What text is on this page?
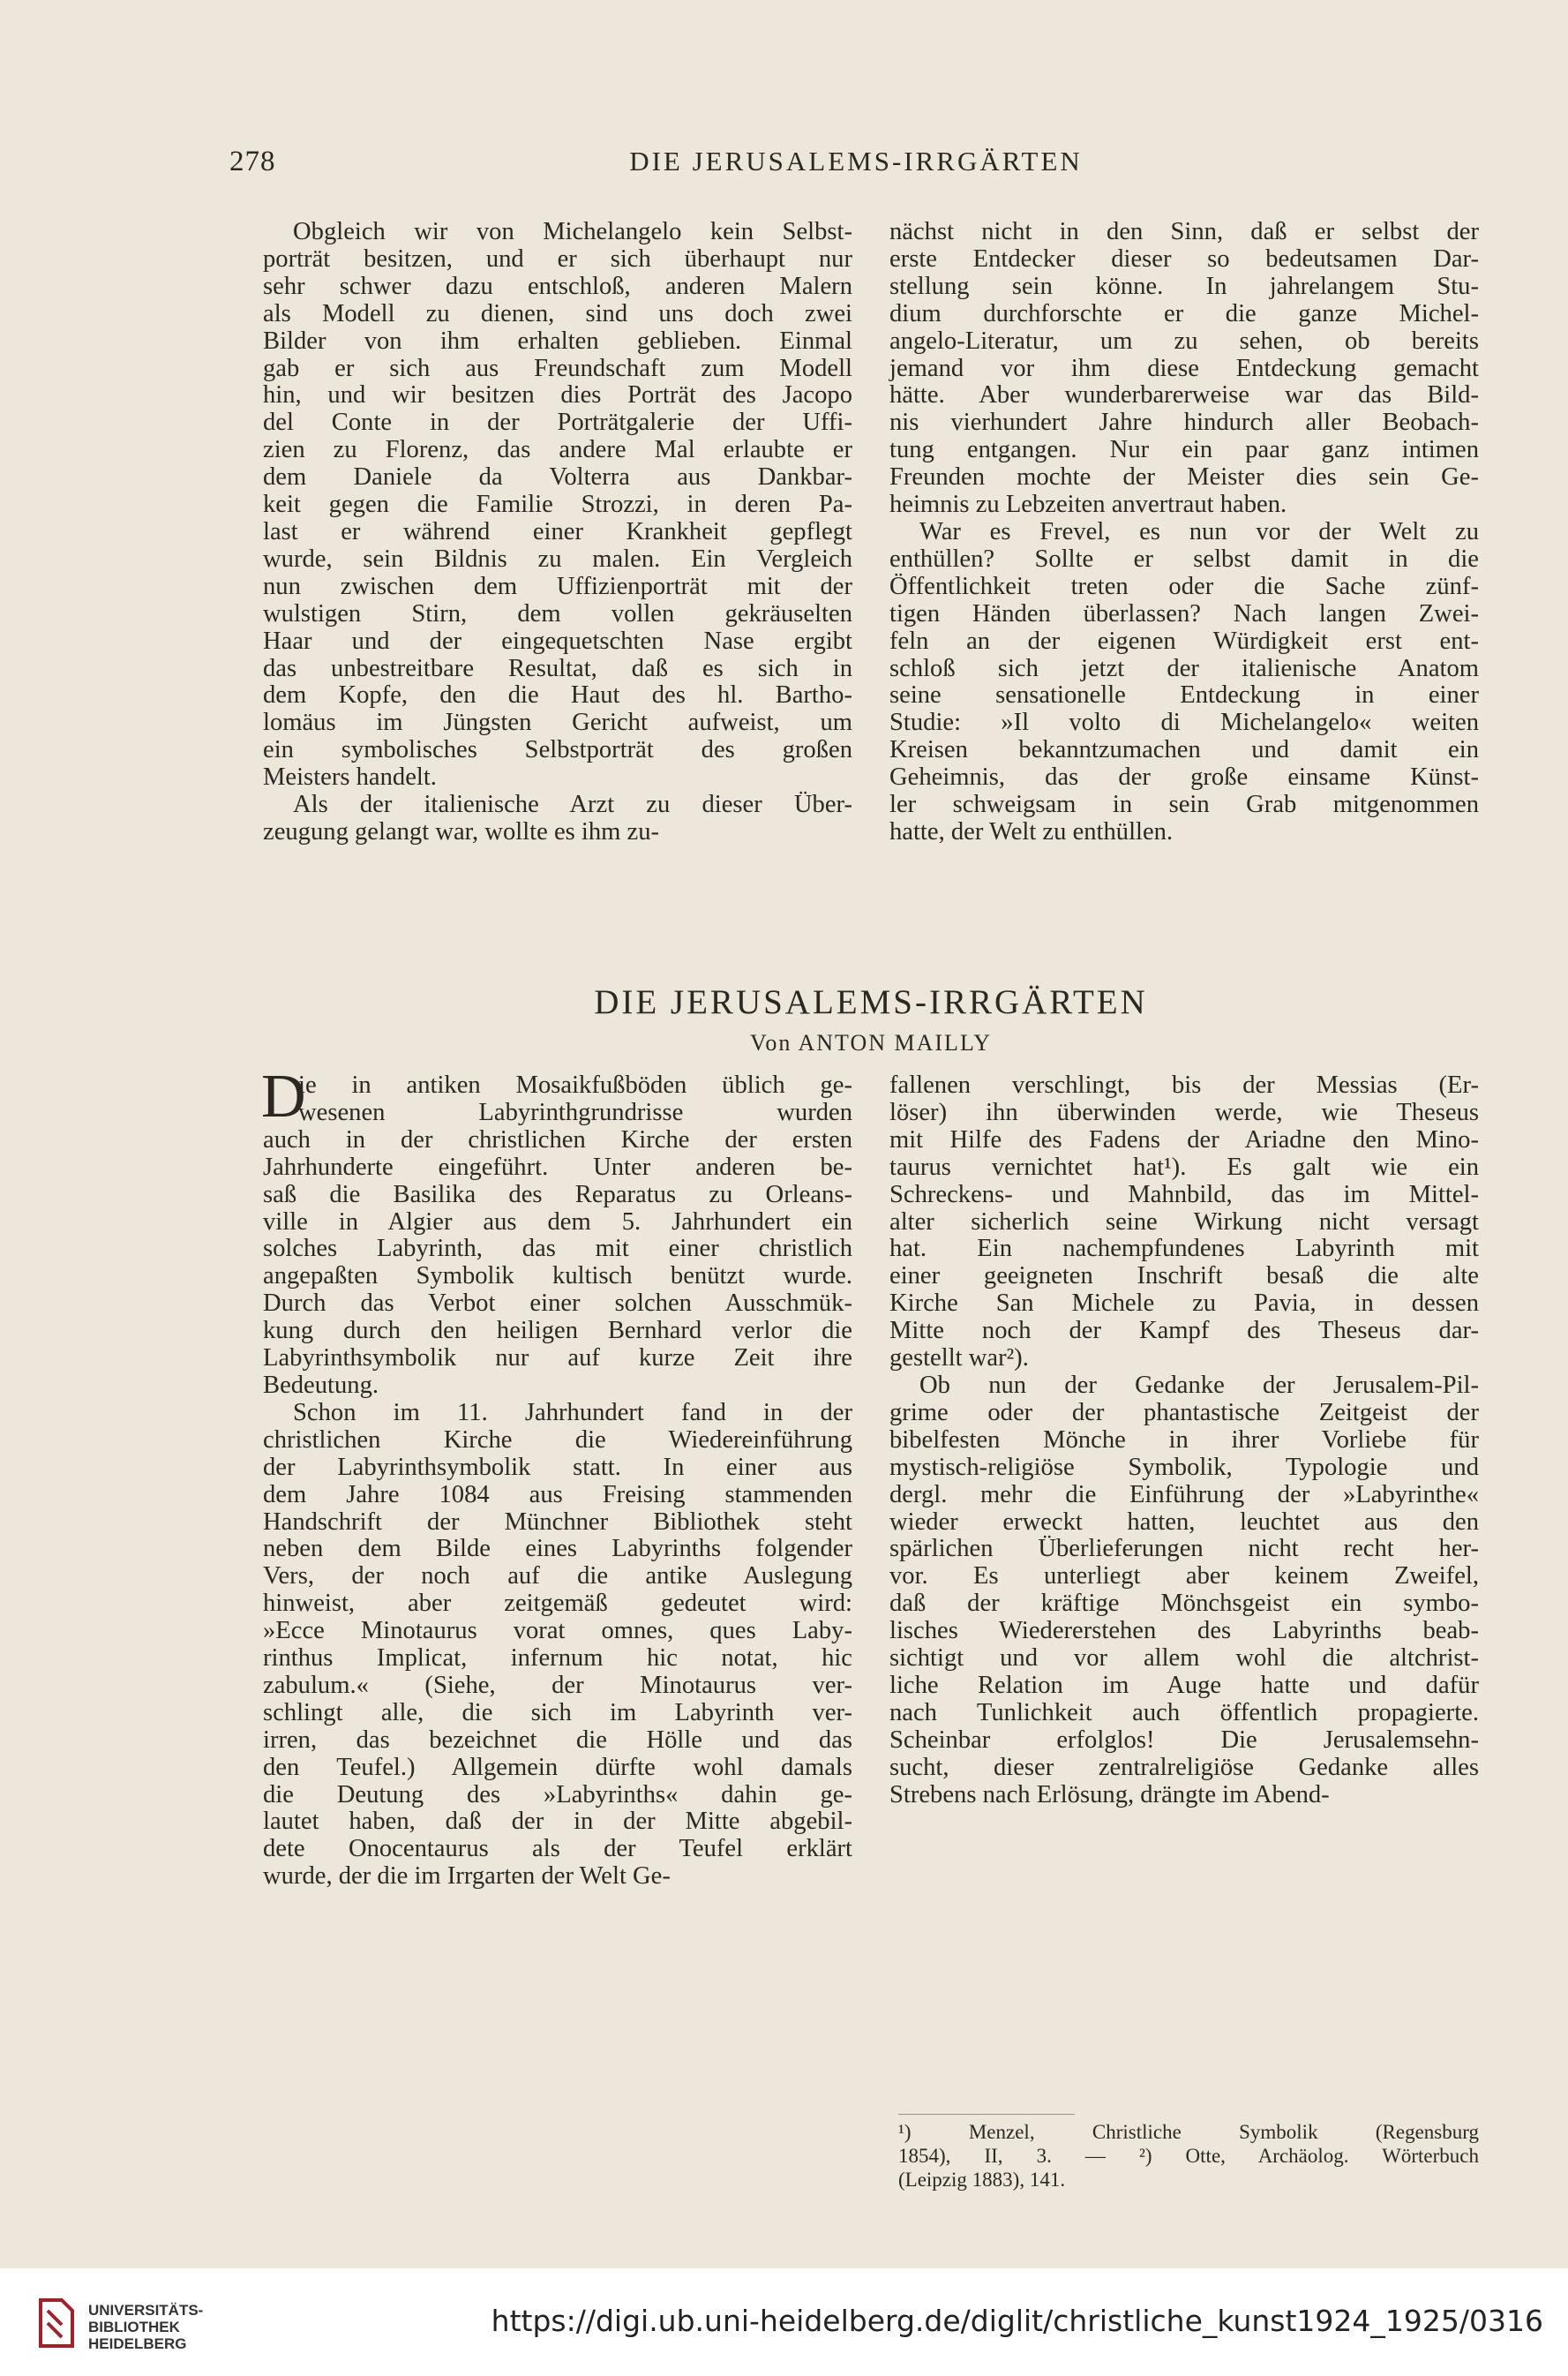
278	DIE JERUSALEMS-IRRGÄRTEN
Obgleich wir von Michelangelo kein Selbst-
porträt besitzen, und er sich überhaupt nur
sehr schwer dazu entschloß, anderen Malern
als Modell zu dienen, sind uns doch zwei
Bilder von ihm erhalten geblieben. Einmal
gab er sich aus Freundschaft zum Modell
hin, und wir besitzen dies Porträt des Jacopo
del Conte in der Porträtgalerie der Uffi-
zien zu Florenz, das andere Mal erlaubte er
dem Daniele da Volterra aus Dankbar-
keit gegen die Familie Strozzi, in deren Pa-
last er während einer Krankheit gepflegt
wurde, sein Bildnis zu malen. Ein Vergleich
nun zwischen dem Uffizienporträt mit der
wulstigen Stirn, dem vollen gekräuselten
Haar und der eingequetschten Nase ergibt
das unbestreitbare Resultat, daß es sich in
dem Kopfe, den die Haut des hl. Bartho-
lomäus im Jüngsten Gericht aufweist, um
ein symbolisches Selbstporträt des großen
Meisters handelt.
Als der italienische Arzt zu dieser Über-
zeugung gelangt war, wollte es ihm zu-
nächst nicht in den Sinn, daß er selbst der
erste Entdecker dieser so bedeutsamen Dar-
stellung sein könne. In jahrelangem Stu-
dium durchforschte er die ganze Michel-
angelo-Literatur, um zu sehen, ob bereits
jemand vor ihm diese Entdeckung gemacht
hätte. Aber wunderbarerweise war das Bild-
nis vierhundert Jahre hindurch aller Beobach-
tung entgangen. Nur ein paar ganz intimen
Freunden mochte der Meister dies sein Ge-
heimnis zu Lebzeiten anvertraut haben.
War es Frevel, es nun vor der Welt zu
enthüllen? Sollte er selbst damit in die
Öffentlichkeit treten oder die Sache zünf-
tigen Händen überlassen? Nach langen Zwei-
feln an der eigenen Würdigkeit erst ent-
schloß sich jetzt der italienische Anatom
seine sensationelle Entdeckung in einer
Studie: »Il volto di Michelangelo« weiten
Kreisen bekanntzumachen und damit ein
Geheimnis, das der große einsame Künst-
ler schweigsam in sein Grab mitgenommen
hatte, der Welt zu enthüllen.
DIE JERUSALEMS-IRRGÄRTEN
Von ANTON MAILLY
ie in antiken Mosaikfußböden üblich ge-
wesenen Labyrinthgrundrisse wurden
auch in der christlichen Kirche der ersten
Jahrhunderte eingeführt. Unter anderen be-
saß die Basilika des Reparatus zu Orleans-
ville in Algier aus dem 5. Jahrhundert ein
solches Labyrinth, das mit einer christlich
angepaßten Symbolik kultisch benützt wurde.
Durch das Verbot einer solchen Ausschmük-
kung durch den heiligen Bernhard verlor die
Labyrinthsymbolik nur auf kurze Zeit ihre
Bedeutung.
Schon im 11. Jahrhundert fand in der
christlichen Kirche die Wiedereinführung
der Labyrinthsymbolik statt. In einer aus
dem Jahre 1084 aus Freising stammenden
Handschrift der Münchner Bibliothek steht
neben dem Bilde eines Labyrinths folgender
Vers, der noch auf die antike Auslegung
hinweist, aber zeitgemäß gedeutet wird:
»Ecce Minotaurus vorat omnes, ques Laby-
rinthus Implicat, infernum hic notat, hic
zabulum.« (Siehe, der Minotaurus ver-
schlingt alle, die sich im Labyrinth ver-
irren, das bezeichnet die Hölle und das
den Teufel.) Allgemein dürfte wohl damals
die Deutung des »Labyrinths« dahin ge-
lautet haben, daß der in der Mitte abgebil-
dete Onocentaurus als der Teufel erklärt
wurde, der die im Irrgarten der Welt Ge-
D	fallenen verschlingt, bis der Messias (Er-
löser) ihn überwinden werde, wie Theseus
mit Hilfe des Fadens der Ariadne den Mino-
taurus vernichtet hat¹). Es galt wie ein
Schreckens- und Mahnbild, das im Mittel-
alter sicherlich seine Wirkung nicht versagt
hat. Ein nachempfundenes Labyrinth mit
einer geeigneten Inschrift besaß die alte
Kirche San Michele zu Pavia, in dessen
Mitte noch der Kampf des Theseus dar-
gestellt war²).
Ob nun der Gedanke der Jerusalem-Pil-
grime oder der phantastische Zeitgeist der
bibelfesten Mönche in ihrer Vorliebe für
mystisch-religiöse Symbolik, Typologie und
dergl. mehr die Einführung der »Labyrinthe«
wieder erweckt hatten, leuchtet aus den
spärlichen Überlieferungen nicht recht her-
vor. Es unterliegt aber keinem Zweifel,
daß der kräftige Mönchsgeist ein symbo-
lisches Wiedererstehen des Labyrinths beab-
sichtigt und vor allem wohl die altchrist-
liche Relation im Auge hatte und dafür
nach Tunlichkeit auch öffentlich propagierte.
Scheinbar erfolglos! Die Jerusalemsehn-
sucht, dieser zentralreligiöse Gedanke alles
Strebens nach Erlösung, drängte im Abend-
¹) Menzel, Christliche Symbolik (Regensburg
1854), II, 3. — ²) Otte, Archäolog. Wörterbuch
(Leipzig 1883), 141.
UNIVERSITÄTS-
BIBLIOTHEK
HEIDELBERG
https://digi.ub.uni-heidelberg.de/diglit/christliche_kunst1924_1925/0316
